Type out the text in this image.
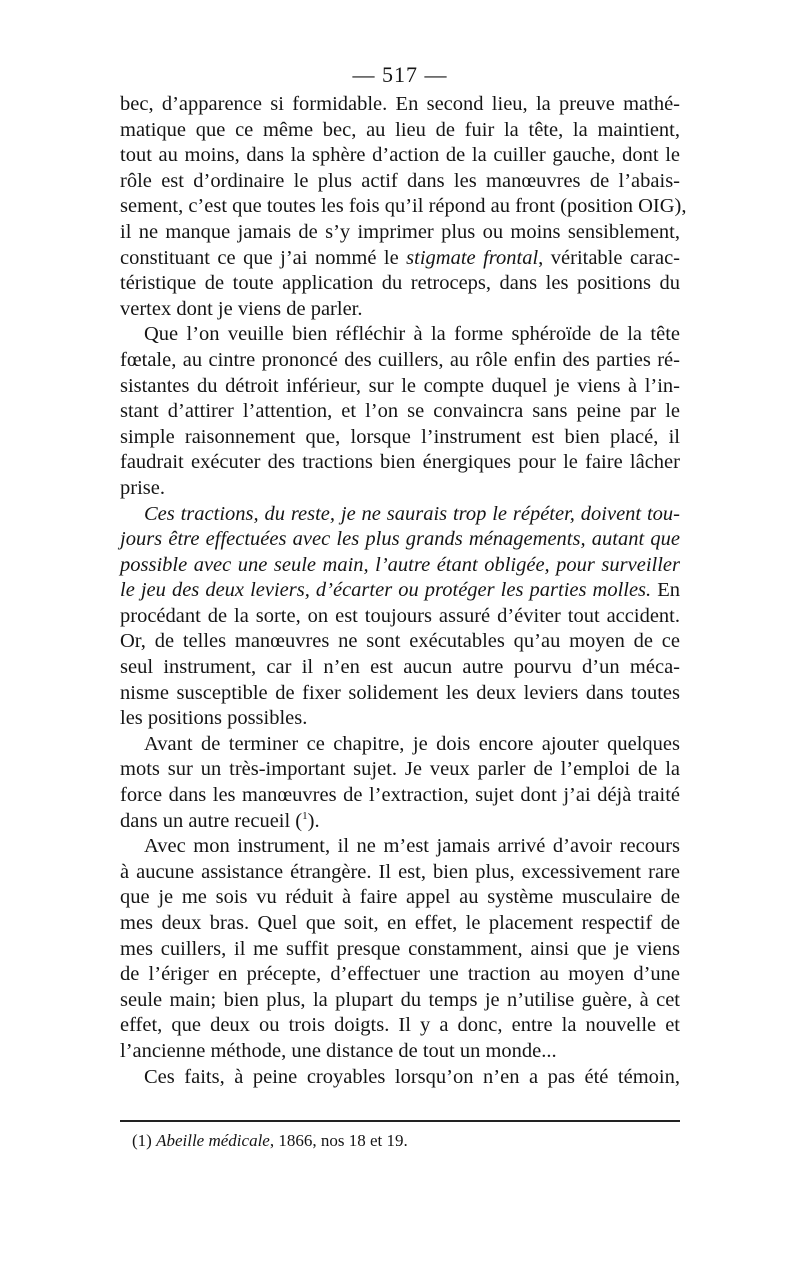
— 517 —
bec, d’apparence si formidable. En second lieu, la preuve mathé-
matique que ce même bec, au lieu de fuir la tête, la maintient,
tout au moins, dans la sphère d’action de la cuiller gauche, dont le
rôle est d’ordinaire le plus actif dans les manœuvres de l’abais-
sement, c’est que toutes les fois qu’il répond au front (position OIG),
il ne manque jamais de s’y imprimer plus ou moins sensiblement,
constituant ce que j’ai nommé le stigmate frontal, véritable carac-
téristique de toute application du retroceps, dans les positions du
vertex dont je viens de parler.
Que l’on veuille bien réfléchir à la forme sphéroïde de la tête
fœtale, au cintre prononcé des cuillers, au rôle enfin des parties ré-
sistantes du détroit inférieur, sur le compte duquel je viens à l’in-
stant d’attirer l’attention, et l’on se convaincra sans peine par le
simple raisonnement que, lorsque l’instrument est bien placé, il
faudrait exécuter des tractions bien énergiques pour le faire lâcher
prise.
Ces tractions, du reste, je ne saurais trop le répéter, doivent tou-
jours être effectuées avec les plus grands ménagements, autant que
possible avec une seule main, l’autre étant obligée, pour surveiller
le jeu des deux leviers, d’écarter ou protéger les parties molles. En
procédant de la sorte, on est toujours assuré d’éviter tout accident.
Or, de telles manœuvres ne sont exécutables qu’au moyen de ce
seul instrument, car il n’en est aucun autre pourvu d’un méca-
nisme susceptible de fixer solidement les deux leviers dans toutes
les positions possibles.
Avant de terminer ce chapitre, je dois encore ajouter quelques
mots sur un très-important sujet. Je veux parler de l’emploi de la
force dans les manœuvres de l’extraction, sujet dont j’ai déjà traité
dans un autre recueil ($^1$).
Avec mon instrument, il ne m’est jamais arrivé d’avoir recours
à aucune assistance étrangère. Il est, bien plus, excessivement rare
que je me sois vu réduit à faire appel au système musculaire de
mes deux bras. Quel que soit, en effet, le placement respectif de
mes cuillers, il me suffit presque constamment, ainsi que je viens
de l’ériger en précepte, d’effectuer une traction au moyen d’une
seule main; bien plus, la plupart du temps je n’utilise guère, à cet
effet, que deux ou trois doigts. Il y a donc, entre la nouvelle et
l’ancienne méthode, une distance de tout un monde...
Ces faits, à peine croyables lorsqu’on n’en a pas été témoin,
(1) Abeille médicale, 1866, nos 18 et 19.
